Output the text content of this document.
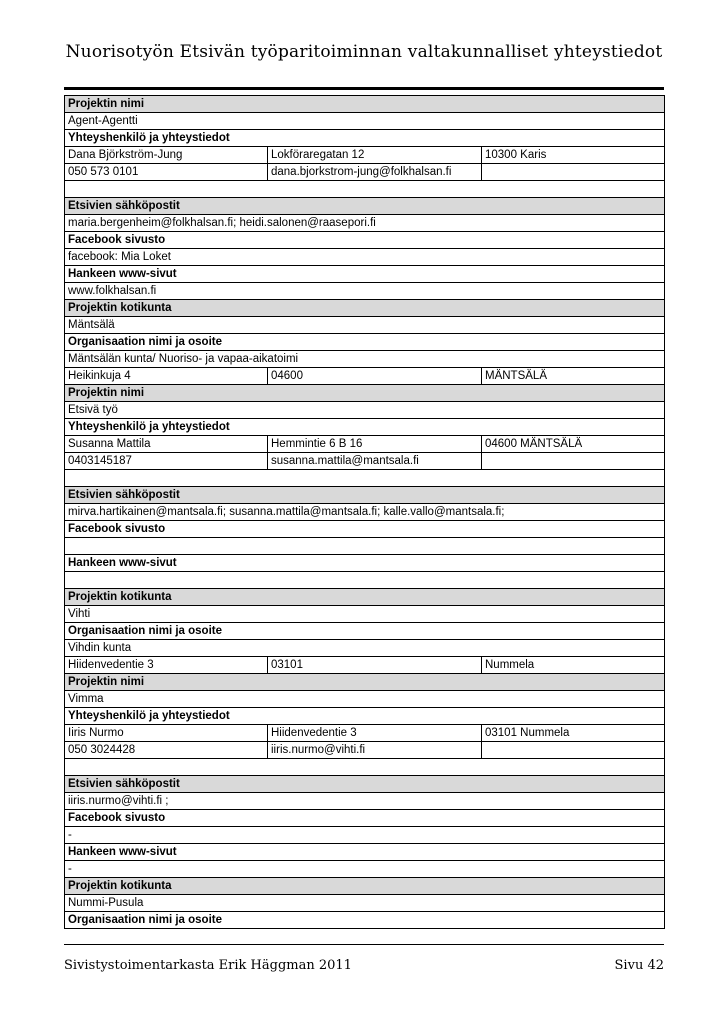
Nuorisotyön Etsivän työparitoiminnan valtakunnalliset yhteystiedot
Projektin nimi		
Agent-Agentti		
Yhteyshenkilö ja yhteystiedot		
Dana Björkström-Jung	Lokföraregatan 12	10300 Karis
050 573 0101	dana.bjorkstrom-jung@folkhalsan.fi	

Etsivien sähköpostit		
maria.bergenheim@folkhalsan.fi; heidi.salonen@raasepori.fi		
Facebook sivusto		
facebook: Mia Loket		
Hankeen www-sivut		
www.folkhalsan.fi		
Projektin kotikunta		
Mäntsälä		
Organisaation nimi ja osoite		
Mäntsälän kunta/ Nuoriso- ja vapaa-aikatoimi		
Heikinkuja 4	04600	MÄNTSÄLÄ
Projektin nimi		
Etsivä työ		
Yhteyshenkilö ja yhteystiedot		
Susanna Mattila	Hemmintie 6 B 16	04600 MÄNTSÄLÄ
0403145187	susanna.mattila@mantsala.fi	

Etsivien sähköpostit		
mirva.hartikainen@mantsala.fi; susanna.mattila@mantsala.fi; kalle.vallo@mantsala.fi;		
Facebook sivusto		

Hankeen www-sivut		

Projektin kotikunta		
Vihti		
Organisaation nimi ja osoite		
Vihdin kunta		
Hiidenvedentie 3	03101	Nummela
Projektin nimi		
Vimma		
Yhteyshenkilö ja yhteystiedot		
Iiris Nurmo	Hiidenvedentie 3	03101 Nummela
050 3024428	iiris.nurmo@vihti.fi	

Etsivien sähköpostit		
iiris.nurmo@vihti.fi ;		
Facebook sivusto		
-		
Hankeen www-sivut		
-		
Projektin kotikunta		
Nummi-Pusula		
Organisaation nimi ja osoite		
Sivistystoimentarkasta Erik Häggman 2011	Sivu 42
